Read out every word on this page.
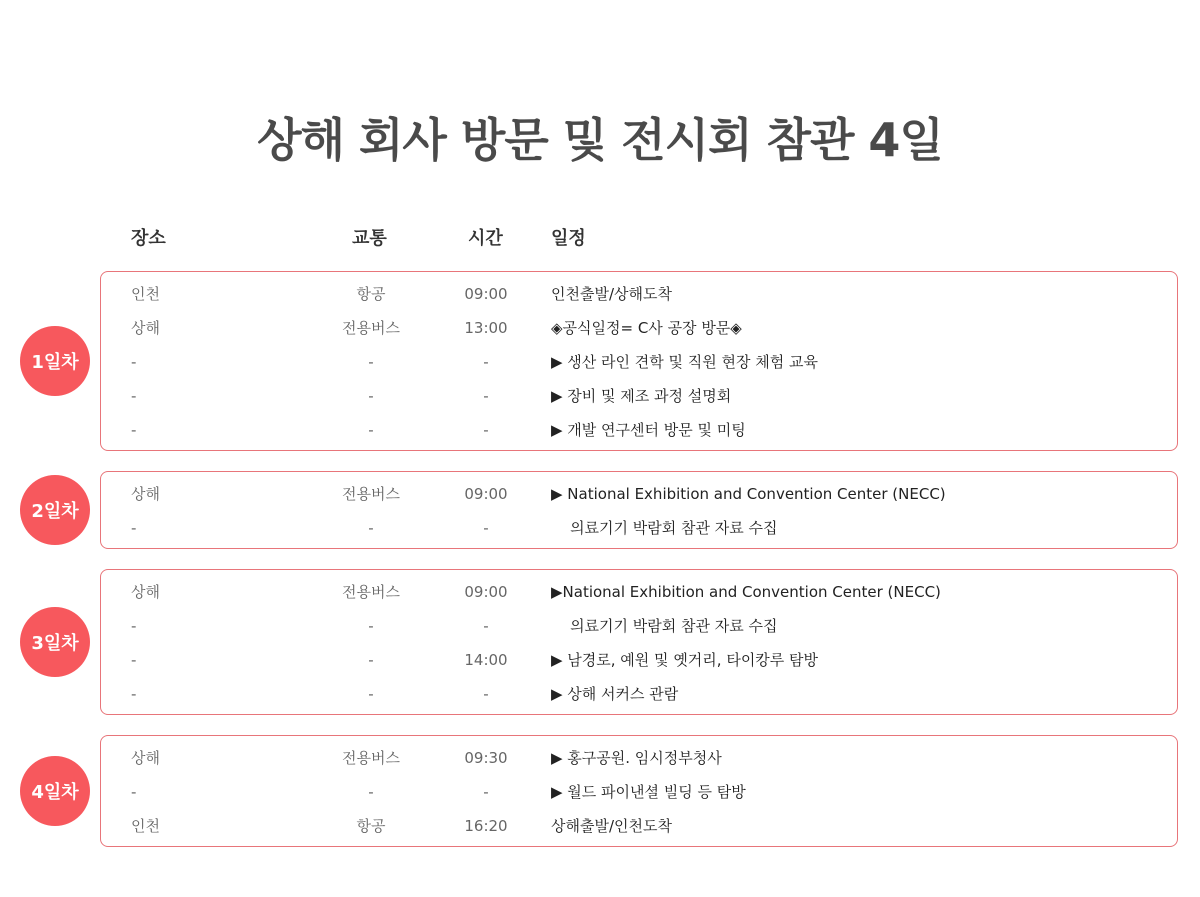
상해 회사 방문 및 전시회 참관 4일
장소	교통	시간	일정
인천	항공	09:00	인천출발/상해도착
상해	전용버스	13:00	◈공식일정= C사 공장 방문◈
-	-	-	▶ 생산 라인 견학 및 직원 현장 체험 교육
-	-	-	▶ 장비 및 제조 과정 설명회
-	-	-	▶ 개발 연구센터 방문 및 미팅
1일차
상해	전용버스	09:00	▶ National Exhibition and Convention Center (NECC)
-	-	-	의료기기 박람회 참관 자료 수집
2일차
상해	전용버스	09:00	▶National Exhibition and Convention Center (NECC)
-	-	-	의료기기 박람회 참관 자료 수집
-	-	14:00	▶ 남경로, 예원 및 옛거리, 타이캉루 탐방
-	-	-	▶ 상해 서커스 관람
3일차
상해	전용버스	09:30	▶ 홍구공원. 임시정부청사
-	-	-	▶ 월드 파이낸셜 빌딩 등 탐방
인천	항공	16:20	상해출발/인천도착
4일차
